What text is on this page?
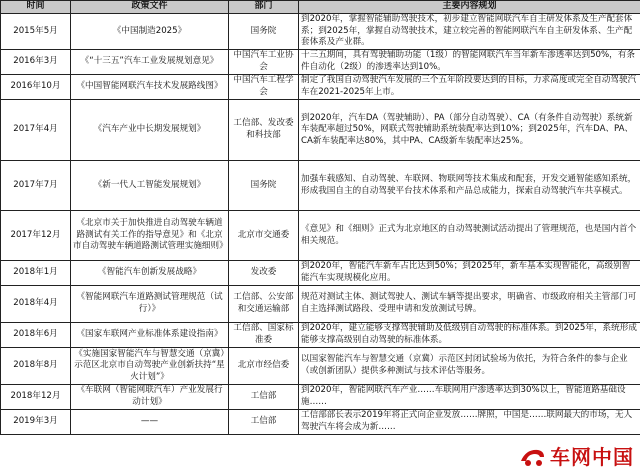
时间	政策文件	部门	主要内容规划
2015年5月	《中国制造2025》	国务院	到2020年，掌握智能辅助驾驶技术，初步建立智能网联汽车自主研发体系及生产配套体系；到2025年，掌握自动驾驶技术，建立较完善的智能网联汽车自主研发体系、生产配套体系及产业群。
2016年3月	《“十三五”汽车工业发展规划意见》	中国汽车工业协会	十三五期间，具有驾驶辅助功能（1级）的智能网联汽车当年新车渗透率达到50%，有条件自动化（2级）的渗透率达到10%。
2016年10月	《中国智能网联汽车技术发展路线图》	中国汽车工程学会	制定了我国自动驾驶汽车发展的三个五年阶段要达到的目标，力求高度或完全自动驾驶汽车在2021-2025年上市。
2017年4月	《汽车产业中长期发展规划》	工信部、发改委和科技部	到2020年，汽车DA（驾驶辅助）、PA（部分自动驾驶）、CA（有条件自动驾驶）系统新车装配率超过50%，网联式驾驶辅助系统装配率达到10%；到2025年，汽车DA、PA、CA新车装配率达80%，其中PA、CA级新车装配率达25%。
2017年7月	《新一代人工智能发展规划》	国务院	加强车载感知、自动驾驶、车联网、物联网等技术集成和配套，开发交通智能感知系统，形成我国自主的自动驾驶平台技术体系和产品总成能力，探索自动驾驶汽车共享模式。
2017年12月	《北京市关于加快推进自动驾驶车辆道路测试有关工作的指导意见》和《北京市自动驾驶车辆道路测试管理实施细则》	北京市交通委	《意见》和《细则》正式为北京地区的自动驾驶测试活动提出了管理规范，也是国内首个相关规范。
2018年1月	《智能汽车创新发展战略》	发改委	到2020年，智能汽车新车占比达到50%；到2025年，新车基本实现智能化，高级别智能汽车实现规模化应用。
2018年4月	《智能网联汽车道路测试管理规范（试行）》	工信部、公安部和交通运输部	规范对测试主体、测试驾驶人、测试车辆等提出要求，明确省、市级政府相关主管部门可自主选择测试路段、受理申请和发放测试号牌。
2018年6月	《国家车联网产业标准体系建设指南》	工信部、国家标准委	到2020年，建立能够支撑驾驶辅助及低级别自动驾驶的标准体系。到2025年，系统形成能够支撑高级别自动驾驶的标准体系。
2018年8月	《实施国家智能汽车与智慧交通（京冀）示范区北京市自动驾驶产业创新扶持“星火计划”》	北京市经信委	以国家智能汽车与智慧交通（京冀）示范区封闭试验场为依托，为符合条件的参与企业（或创新团队）提供多种测试与技术评估等服务。
2018年12月	《车联网（智能网联汽车）产业发展行动计划》	工信部	到2020年，智能网联汽车产业……车联网用户渗透率达到30%以上，智能道路基础设施……
2019年3月	——	工信部	工信部部长表示2019年将正式向企业发放……牌照，中国是……联网最大的市场，无人驾驶汽车将会成为新……
车网中国
